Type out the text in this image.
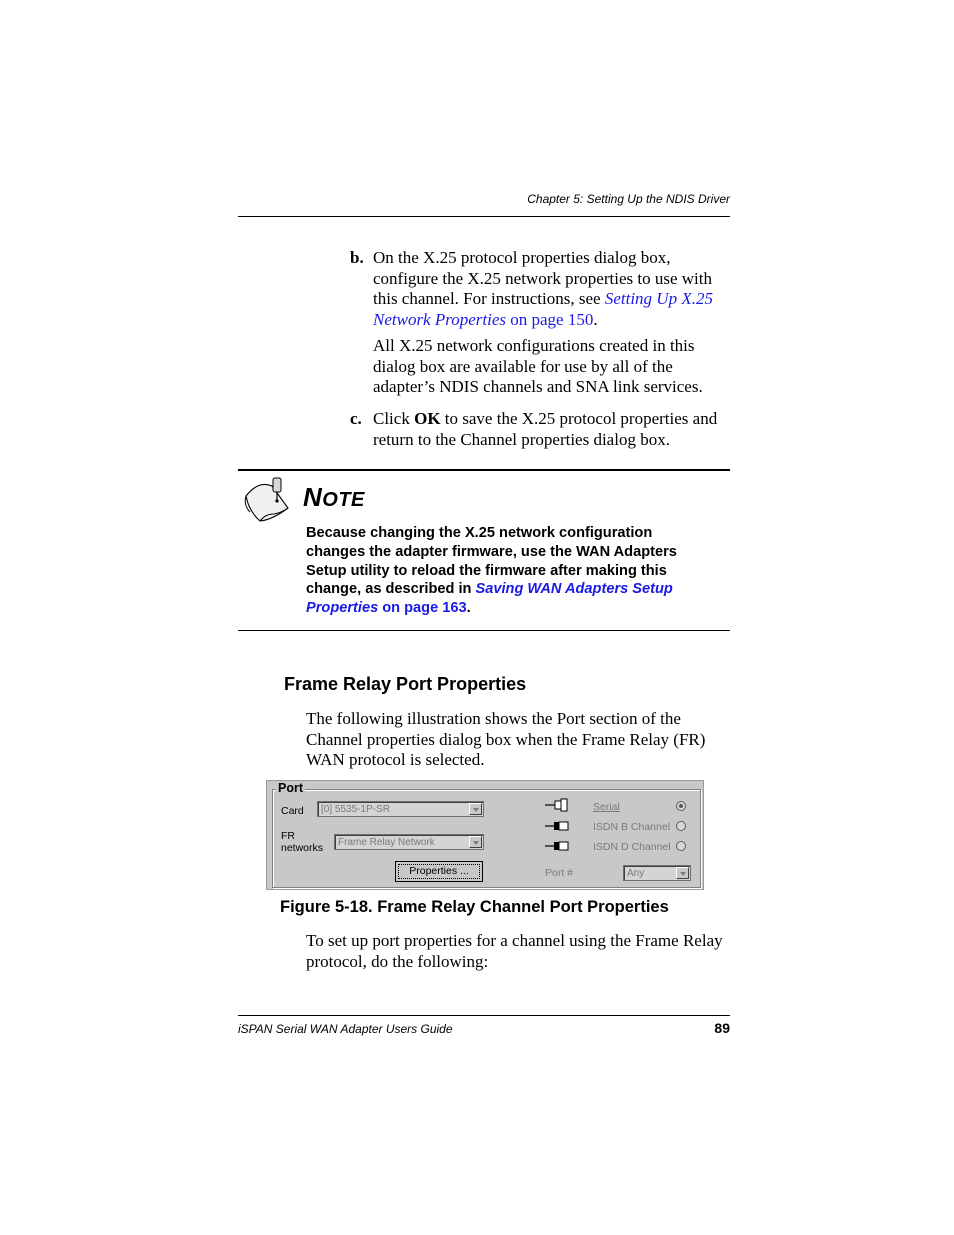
Chapter 5: Setting Up the NDIS Driver
b. On the X.25 protocol properties dialog box,
configure the X.25 network properties to use with
this channel. For instructions, see Setting Up X.25
Network Properties on page 150.
All X.25 network configurations created in this
dialog box are available for use by all of the
adapter’s NDIS channels and SNA link services.
c. Click OK to save the X.25 protocol properties and
return to the Channel properties dialog box.
NOTE
Because changing the X.25 network configuration
changes the adapter firmware, use the WAN Adapters
Setup utility to reload the firmware after making this
change, as described in Saving WAN Adapters Setup
Properties on page 163.
Frame Relay Port Properties
The following illustration shows the Port section of the
Channel properties dialog box when the Frame Relay (FR)
WAN protocol is selected.
Port
Card [0] 5535-1P-SR
FR
networks Frame Relay Network
Properties ...
Serial
ISDN B Channel
ISDN D Channel
Port #	Any
Figure 5-18. Frame Relay Channel Port Properties
To set up port properties for a channel using the Frame Relay
protocol, do the following:
iSPAN Serial WAN Adapter Users Guide	89
